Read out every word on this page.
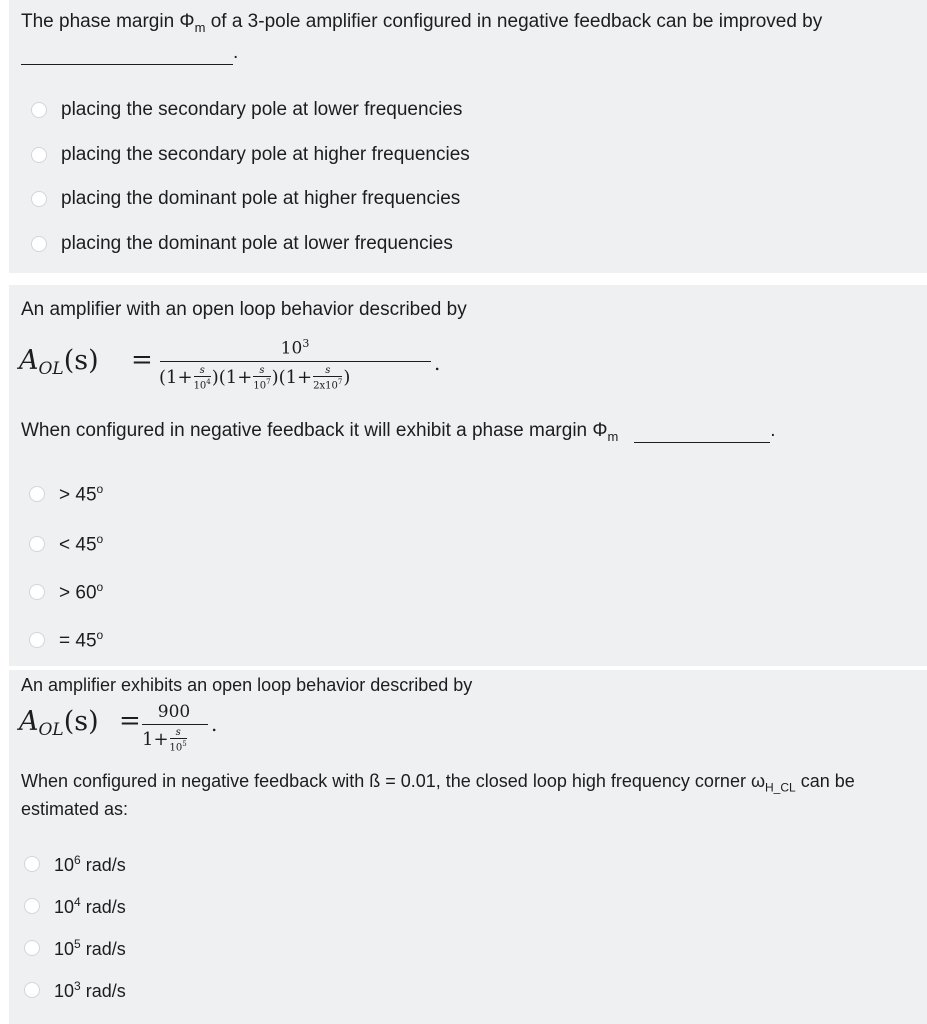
The phase margin $\Phi_m$ of a 3-pole amplifier configured in negative feedback can be improved by
.
placing the secondary pole at lower frequencies
placing the secondary pole at higher frequencies
placing the dominant pole at higher frequencies
placing the dominant pole at lower frequencies
An amplifier with an open loop behavior described by
$A_{OL}(s)$ =	$10^3$
$(1+ \frac{s}{10^4} )(1+ \frac{s}{10^7} )(1+ \frac{s}{2x10^7}$ )
.
When configured in negative feedback it will exhibit a phase margin $\Phi_m$	.
> $45^o$
< $45^o$
> $60^o$
= $45^o$
An amplifier exhibits an open loop behavior described by
$A_{OL}(s) = 900$
$1+ \frac{s}{10^5}$
.
When configured in negative feedback with ß = 0.01, the closed loop high frequency corner $\omega_{H\_CL}$ can be
estimated as:
$10^6$ rad/s
$10^4$ rad/s
$10^5$ rad/s
$10^3$ rad/s
